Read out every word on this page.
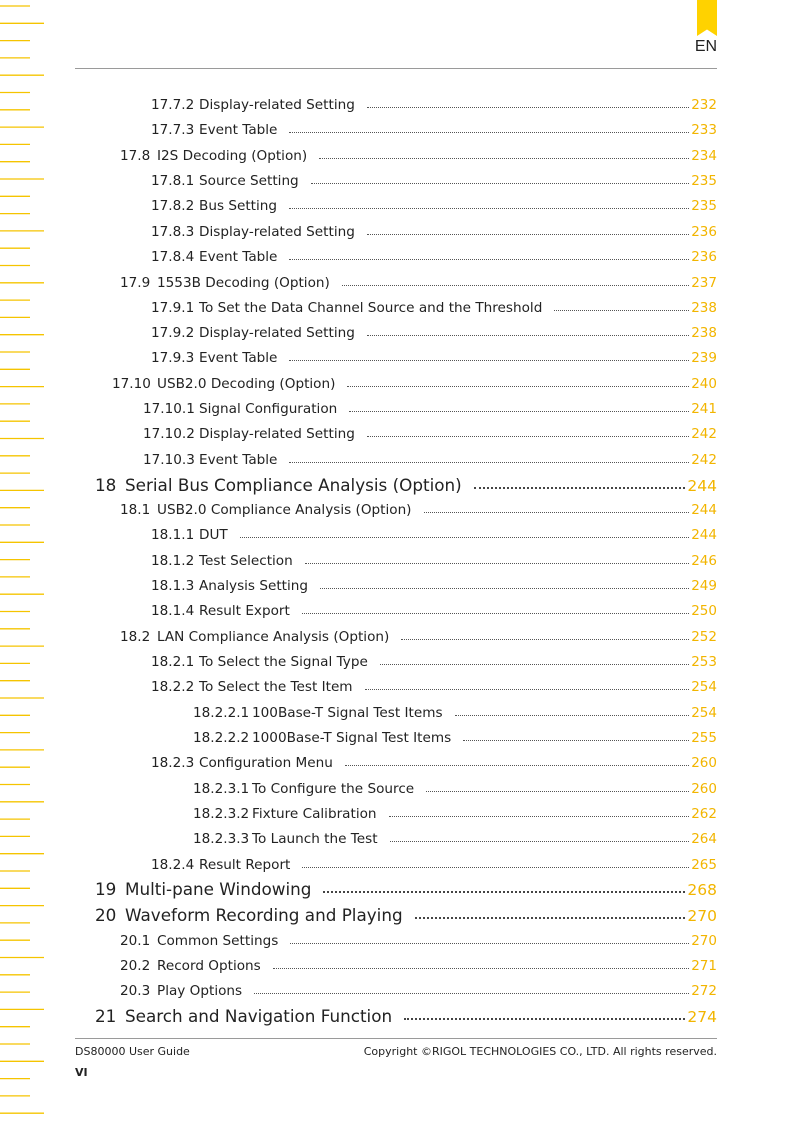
EN
17.7.2 Display-related Setting	232
17.7.3 Event Table	233
17.8 I2S Decoding (Option)	234
17.8.1 Source Setting	235
17.8.2 Bus Setting	235
17.8.3 Display-related Setting	236
17.8.4 Event Table	236
17.9 1553B Decoding (Option)	237
17.9.1 To Set the Data Channel Source and the Threshold	238
17.9.2 Display-related Setting	238
17.9.3 Event Table	239
17.10 USB2.0 Decoding (Option)	240
17.10.1 Signal Configuration	241
17.10.2 Display-related Setting	242
17.10.3 Event Table	242
18 Serial Bus Compliance Analysis (Option)	244
18.1 USB2.0 Compliance Analysis (Option)	244
18.1.1 DUT	244
18.1.2 Test Selection	246
18.1.3 Analysis Setting	249
18.1.4 Result Export	250
18.2 LAN Compliance Analysis (Option)	252
18.2.1 To Select the Signal Type	253
18.2.2 To Select the Test Item	254
18.2.2.1 100Base-T Signal Test Items	254
18.2.2.2 1000Base-T Signal Test Items	255
18.2.3 Configuration Menu	260
18.2.3.1 To Configure the Source	260
18.2.3.2 Fixture Calibration	262
18.2.3.3 To Launch the Test	264
18.2.4 Result Report	265
19 Multi-pane Windowing	268
20 Waveform Recording and Playing	270
20.1 Common Settings	270
20.2 Record Options	271
20.3 Play Options	272
21 Search and Navigation Function	274
DS80000 User Guide	Copyright ©RIGOL TECHNOLOGIES CO., LTD. All rights reserved.
VI
